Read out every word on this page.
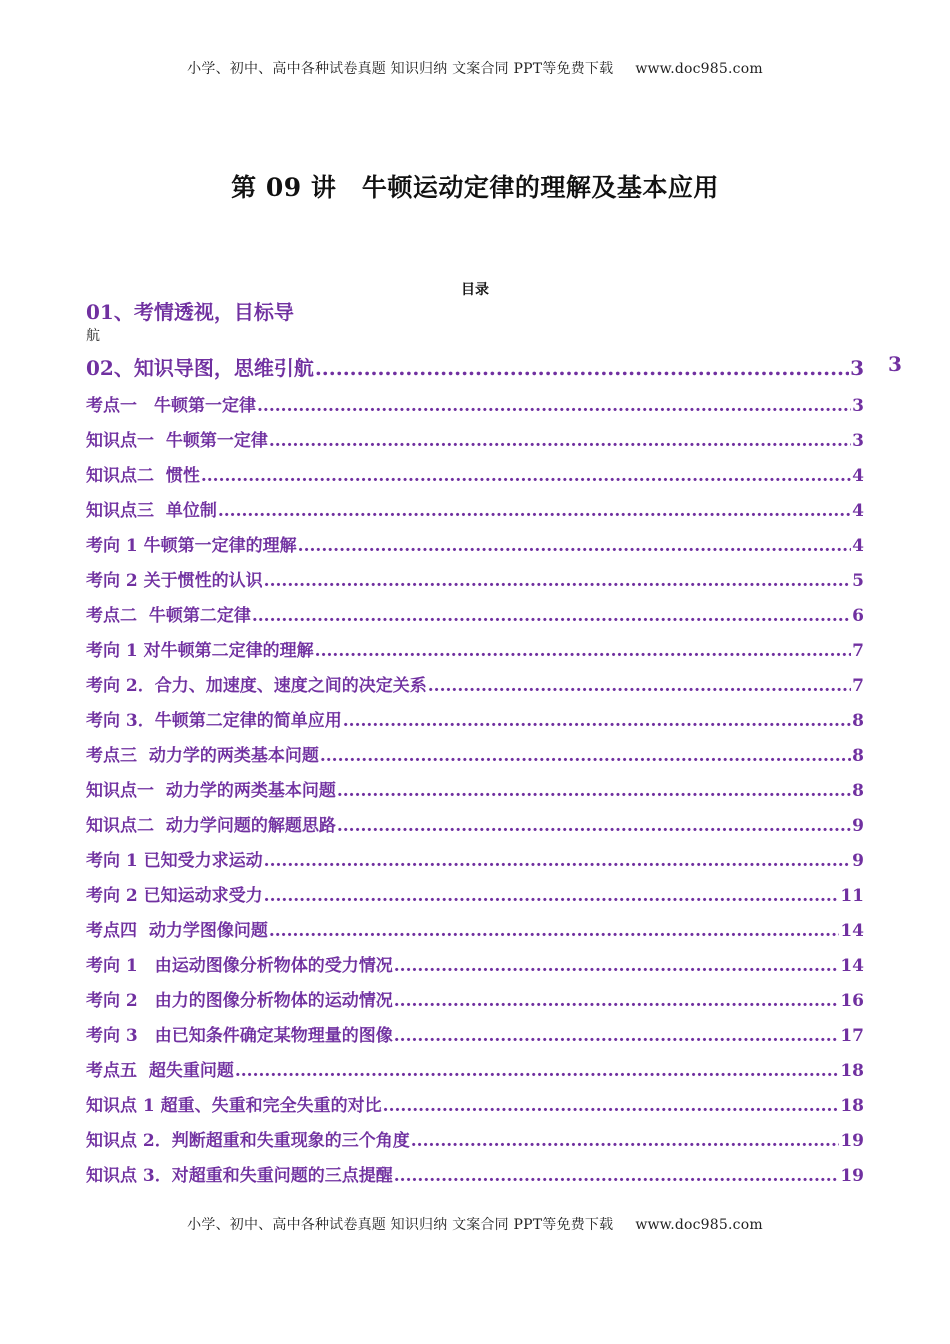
小学、初中、高中各种试卷真题 知识归纳 文案合同 PPT等免费下载 www.doc985.com
第 09 讲　牛顿运动定律的理解及基本应用
目录
01、考情透视，目标导
航
02、知识导图，思维引航 .....	3 3
考点一　牛顿第一定律 .....	3
知识点一  牛顿第一定律 .....	3
知识点二  惯性 .....	4
知识点三  单位制 .....	4
考向 1 牛顿第一定律的理解 .....	4
考向 2 关于惯性的认识 .....	5
考点二  牛顿第二定律 .....	6
考向 1 对牛顿第二定律的理解 .....	7
考向 2．合力、加速度、速度之间的决定关系 .....	7
考向 3．牛顿第二定律的简单应用 .....	8
考点三  动力学的两类基本问题 .....	8
知识点一  动力学的两类基本问题 .....	8
知识点二  动力学问题的解题思路 .....	9
考向 1 已知受力求运动 .....	9
考向 2 已知运动求受力 .....	11
考点四  动力学图像问题 .....	14
考向 1　由运动图像分析物体的受力情况 .....	14
考向 2　由力的图像分析物体的运动情况 .....	16
考向 3　由已知条件确定某物理量的图像 .....	17
考点五  超失重问题 .....	18
知识点 1 超重、失重和完全失重的对比 .....	18
知识点 2．判断超重和失重现象的三个角度 .....	19
知识点 3．对超重和失重问题的三点提醒 .....	19
小学、初中、高中各种试卷真题 知识归纳 文案合同 PPT等免费下载 www.doc985.com
